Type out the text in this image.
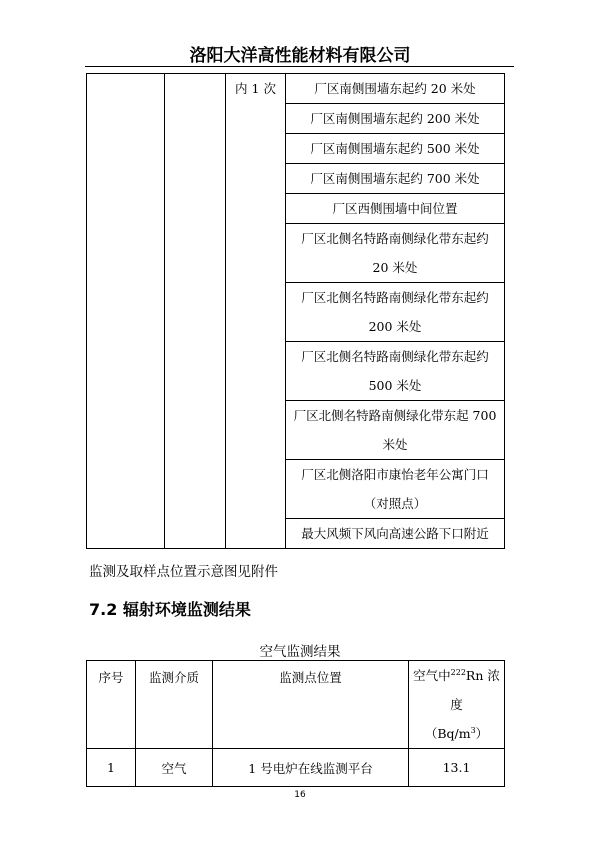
洛阳大洋高性能材料有限公司
		内 1 次	厂区南侧围墙东起约 20 米处
厂区南侧围墙东起约 200 米处
厂区南侧围墙东起约 500 米处
厂区南侧围墙东起约 700 米处
厂区西侧围墙中间位置
厂区北侧名特路南侧绿化带东起约 20 米处
厂区北侧名特路南侧绿化带东起约 200 米处
厂区北侧名特路南侧绿化带东起约 500 米处
厂区北侧名特路南侧绿化带东起 700 米处
厂区北侧洛阳市康怡老年公寓门口（对照点）
最大风频下风向高速公路下口附近
监测及取样点位置示意图见附件
7.2 辐射环境监测结果
空气监测结果
序号	监测介质	监测点位置	空气中$^{222}$Rn 浓度
$(Bq/m^3)$

1	空气	1 号电炉在线监测平台	13.1
16
